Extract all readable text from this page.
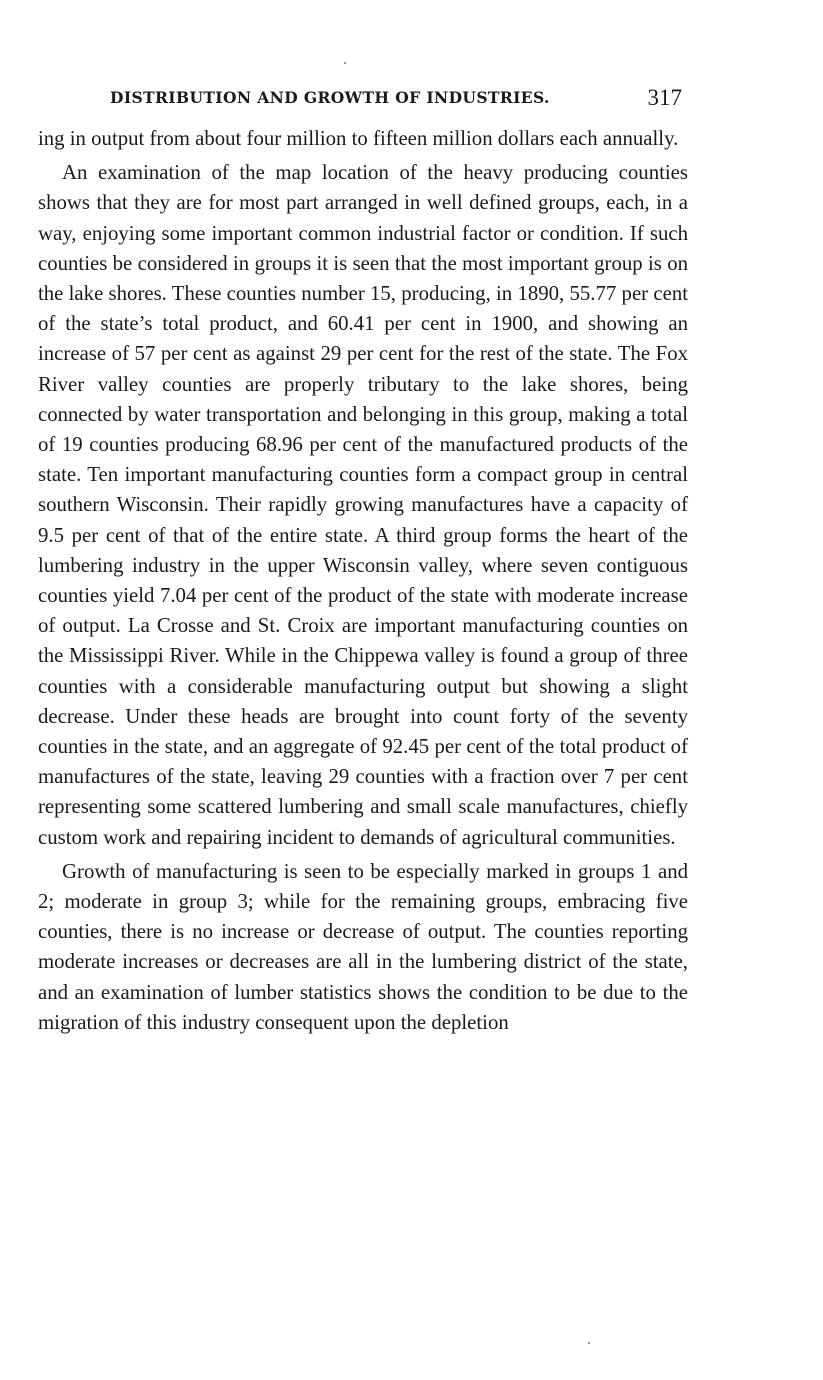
DISTRIBUTION AND GROWTH OF INDUSTRIES.	317

ing in output from about four million to fifteen million dollars each annually.

An examination of the map location of the heavy producing counties shows that they are for most part arranged in well defined groups, each, in a way, enjoying some important common industrial factor or condition. If such counties be considered in groups it is seen that the most important group is on the lake shores. These counties number 15, producing, in 1890, 55.77 per cent of the state’s total product, and 60.41 per cent in 1900, and showing an increase of 57 per cent as against 29 per cent for the rest of the state. The Fox River valley counties are properly tributary to the lake shores, being connected by water transportation and belonging in this group, making a total of 19 counties producing 68.96 per cent of the manufactured products of the state. Ten important manufacturing counties form a compact group in central southern Wisconsin. Their rapidly growing manufactures have a capacity of 9.5 per cent of that of the entire state. A third group forms the heart of the lumbering industry in the upper Wisconsin valley, where seven contiguous counties yield 7.04 per cent of the product of the state with moderate increase of output. La Crosse and St. Croix are important manufacturing counties on the Mississippi River. While in the Chippewa valley is found a group of three counties with a considerable manufacturing output but showing a slight decrease. Under these heads are brought into count forty of the seventy counties in the state, and an aggregate of 92.45 per cent of the total product of manufactures of the state, leaving 29 counties with a fraction over 7 per cent representing some scattered lumbering and small scale manufactures, chiefly custom work and repairing incident to demands of agricultural communities.

Growth of manufacturing is seen to be especially marked in groups 1 and 2; moderate in group 3; while for the remaining groups, embracing five counties, there is no increase or decrease of output. The counties reporting moderate increases or decreases are all in the lumbering district of the state, and an examination of lumber statistics shows the condition to be due to the migration of this industry consequent upon the depletion
